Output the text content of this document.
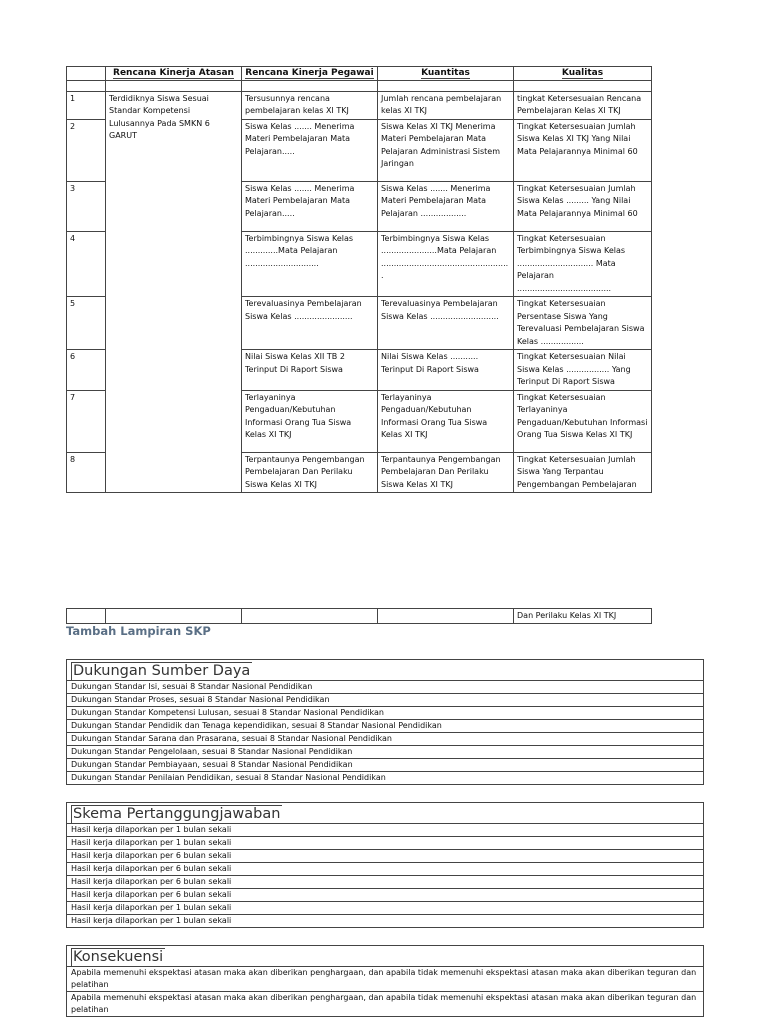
	Rencana Kinerja Atasan	Rencana Kinerja Pegawai	Kuantitas	Kualitas

1	Terdidiknya Siswa Sesuai Standar Kompetensi Lulusannya Pada SMKN 6 GARUT	Tersusunnya rencana pembelajaran kelas XI TKJ	Jumlah rencana pembelajaran kelas XI TKJ	tingkat Ketersesuaian Rencana Pembelajaran Kelas XI TKJ
2		Siswa Kelas ....... Menerima Materi Pembelajaran Mata Pelajaran.....	Siswa Kelas XI TKJ Menerima Materi Pembelajaran Mata Pelajaran Administrasi Sistem Jaringan	Tingkat Ketersesuaian Jumlah Siswa Kelas XI TKJ Yang Nilai Mata Pelajarannya Minimal 60
3		Siswa Kelas ....... Menerima Materi Pembelajaran Mata Pelajaran.....	Siswa Kelas ....... Menerima Materi Pembelajaran Mata Pelajaran ..................	Tingkat Ketersesuaian Jumlah Siswa Kelas ......... Yang Nilai Mata Pelajarannya Minimal 60
4		Terbimbingnya Siswa Kelas .............Mata Pelajaran .............................	Terbimbingnya Siswa Kelas ......................Mata Pelajaran ...................................................	Tingkat Ketersesuaian Terbimbingnya Siswa Kelas .............................. Mata Pelajaran .....................................
5		Terevaluasinya Pembelajaran Siswa Kelas .......................	Terevaluasinya Pembelajaran Siswa Kelas ...........................	Tingkat Ketersesuaian Persentase Siswa Yang Terevaluasi Pembelajaran Siswa Kelas .................
6		Nilai Siswa Kelas XII TB 2 Terinput Di Raport Siswa	Nilai Siswa Kelas ........... Terinput Di Raport Siswa	Tingkat Ketersesuaian Nilai Siswa Kelas ................. Yang Terinput Di Raport Siswa
7		Terlayaninya Pengaduan/Kebutuhan Informasi Orang Tua Siswa Kelas XI TKJ	Terlayaninya Pengaduan/Kebutuhan Informasi Orang Tua Siswa Kelas XI TKJ	Tingkat Ketersesuaian Terlayaninya Pengaduan/Kebutuhan Informasi Orang Tua Siswa Kelas XI TKJ
8		Terpantaunya Pengembangan Pembelajaran Dan Perilaku Siswa Kelas XI TKJ	Terpantaunya Pengembangan Pembelajaran Dan Perilaku Siswa Kelas XI TKJ	Tingkat Ketersesuaian Jumlah Siswa Yang Terpantau Pengembangan Pembelajaran
				Dan Perilaku Kelas XI TKJ
Tambah Lampiran SKP
Dukungan Sumber Daya
Dukungan Standar Isi, sesuai 8 Standar Nasional Pendidikan
Dukungan Standar Proses, sesuai 8 Standar Nasional Pendidikan
Dukungan Standar Kompetensi Lulusan, sesuai 8 Standar Nasional Pendidikan
Dukungan Standar Pendidik dan Tenaga kependidikan, sesuai 8 Standar Nasional Pendidikan
Dukungan Standar Sarana dan Prasarana, sesuai 8 Standar Nasional Pendidikan
Dukungan Standar Pengelolaan, sesuai 8 Standar Nasional Pendidikan
Dukungan Standar Pembiayaan, sesuai 8 Standar Nasional Pendidikan
Dukungan Standar Penilaian Pendidikan, sesuai 8 Standar Nasional Pendidikan
Skema Pertanggungjawaban
Hasil kerja dilaporkan per 1 bulan sekali
Hasil kerja dilaporkan per 1 bulan sekali
Hasil kerja dilaporkan per 6 bulan sekali
Hasil kerja dilaporkan per 6 bulan sekali
Hasil kerja dilaporkan per 6 bulan sekali
Hasil kerja dilaporkan per 6 bulan sekali
Hasil kerja dilaporkan per 1 bulan sekali
Hasil kerja dilaporkan per 1 bulan sekali
Konsekuensi
Apabila memenuhi ekspektasi atasan maka akan diberikan penghargaan, dan apabila tidak memenuhi ekspektasi atasan maka akan diberikan teguran dan pelatihan
Apabila memenuhi ekspektasi atasan maka akan diberikan penghargaan, dan apabila tidak memenuhi ekspektasi atasan maka akan diberikan teguran dan pelatihan
